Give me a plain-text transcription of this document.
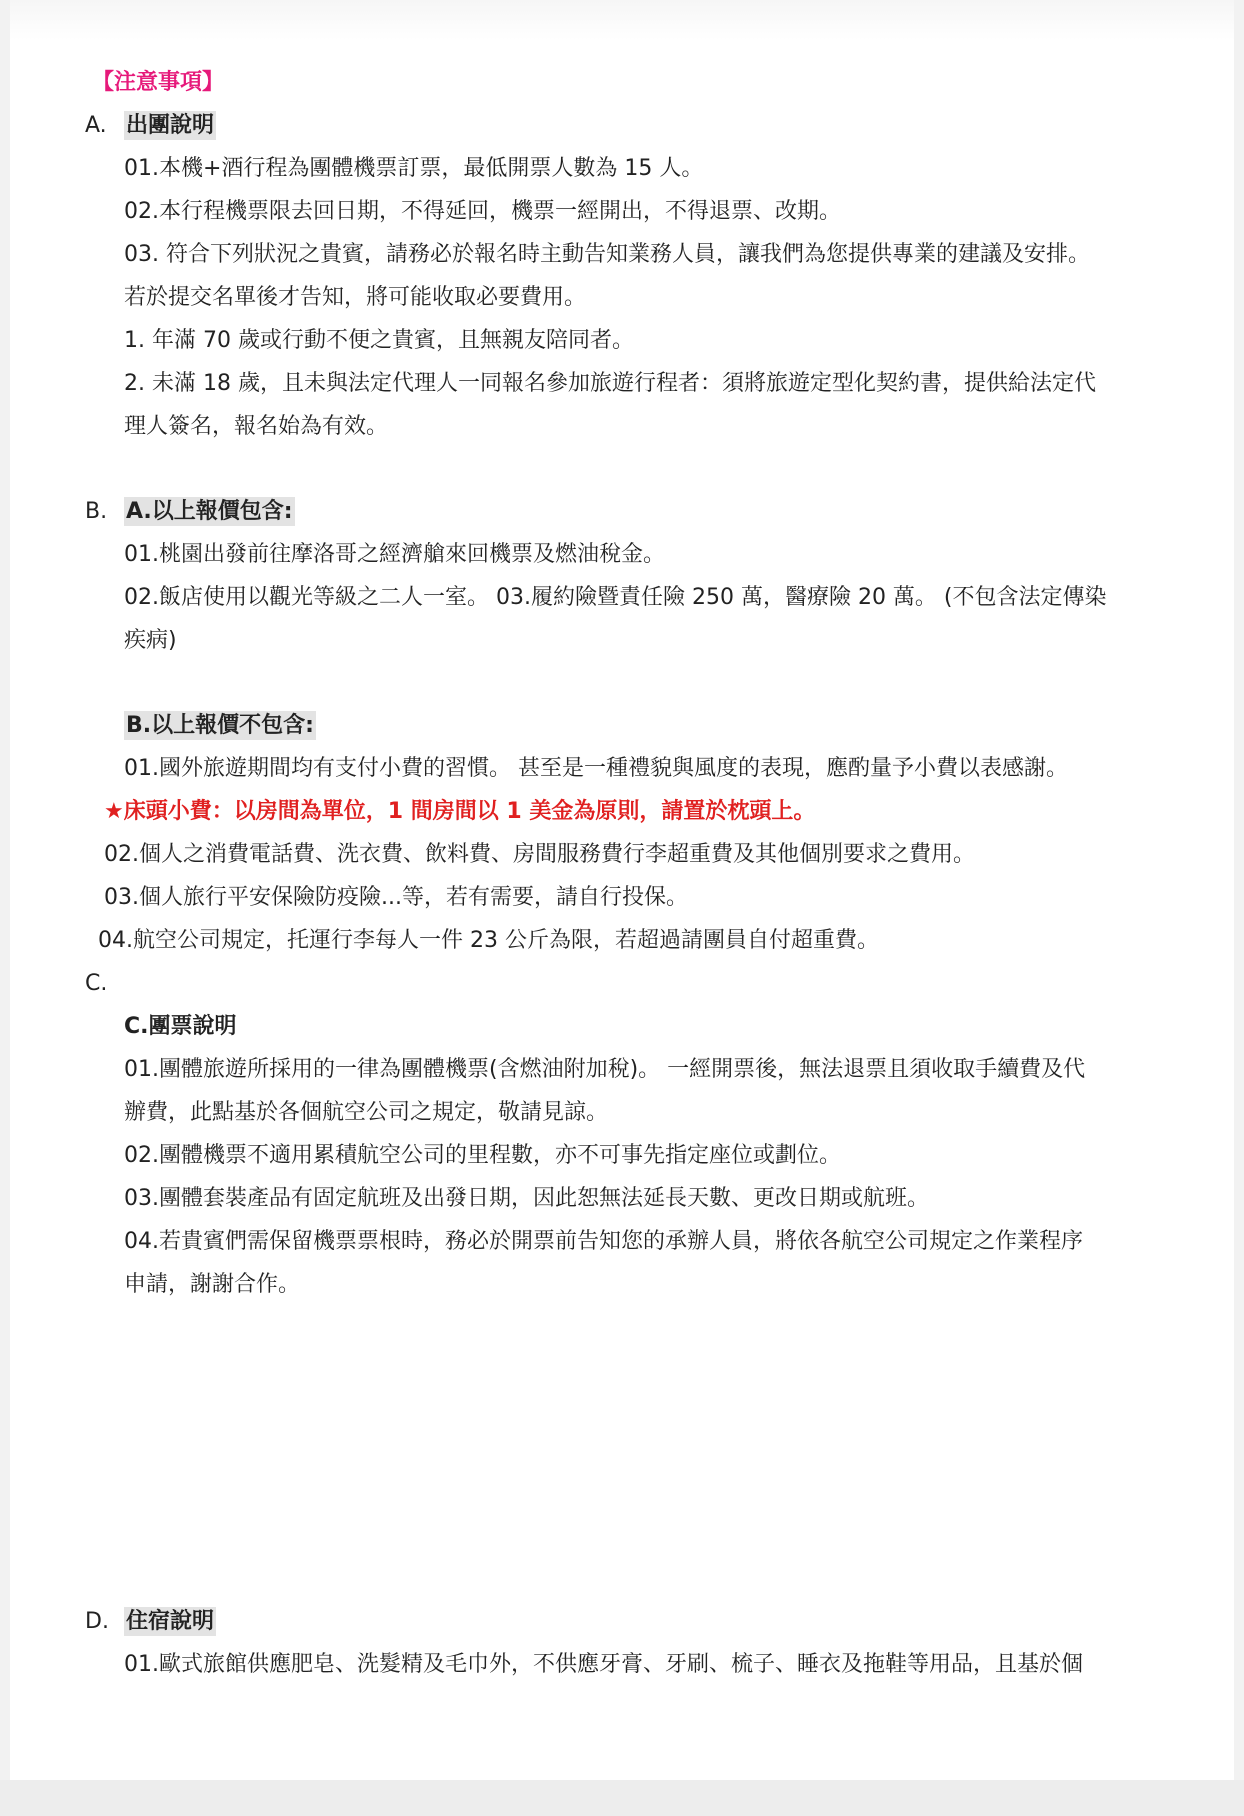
【注意事項】
A. 出團說明
01.本機+酒行程為團體機票訂票，最低開票人數為 15 人。
02.本行程機票限去回日期，不得延回，機票一經開出，不得退票、改期。
03. 符合下列狀況之貴賓，請務必於報名時主動告知業務人員，讓我們為您提供專業的建議及安排。
若於提交名單後才告知，將可能收取必要費用。
1. 年滿 70 歲或行動不便之貴賓，且無親友陪同者。
2. 未滿 18 歲，且未與法定代理人一同報名參加旅遊行程者：須將旅遊定型化契約書，提供給法定代
理人簽名，報名始為有效。
B. A.以上報價包含:
01.桃園出發前往摩洛哥之經濟艙來回機票及燃油稅金。
02.飯店使用以觀光等級之二人一室。 03.履約險暨責任險 250 萬，醫療險 20 萬。 (不包含法定傳染
疾病)
B.以上報價不包含:
01.國外旅遊期間均有支付小費的習慣。 甚至是一種禮貌與風度的表現，應酌量予小費以表感謝。
★床頭小費：以房間為單位，1 間房間以 1 美金為原則，請置於枕頭上。
02.個人之消費電話費、洗衣費、飲料費、房間服務費行李超重費及其他個別要求之費用。
03.個人旅行平安保險防疫險...等，若有需要，請自行投保。
04.航空公司規定，托運行李每人一件 23 公斤為限，若超過請團員自付超重費。
C.
C.團票說明
01.團體旅遊所採用的一律為團體機票(含燃油附加稅)。 一經開票後，無法退票且須收取手續費及代
辦費，此點基於各個航空公司之規定，敬請見諒。
02.團體機票不適用累積航空公司的里程數，亦不可事先指定座位或劃位。
03.團體套裝產品有固定航班及出發日期，因此恕無法延長天數、更改日期或航班。
04.若貴賓們需保留機票票根時，務必於開票前告知您的承辦人員，將依各航空公司規定之作業程序
申請，謝謝合作。
D. 住宿說明
01.歐式旅館供應肥皂、洗髮精及毛巾外，不供應牙膏、牙刷、梳子、睡衣及拖鞋等用品，且基於個
